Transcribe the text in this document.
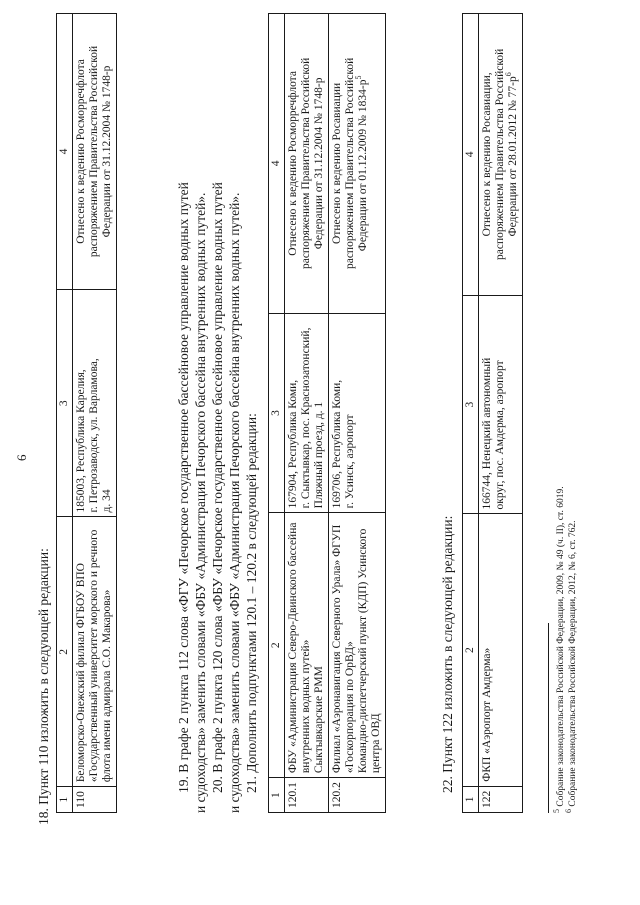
6
18. Пункт 110 изложить в следующей редакции: 1	2	3	4
110	Беломорско-Онежский филиал ФГБОУ ВПО «Государственный университет морского и речного флота имени адмирала С.О. Макарова»	185003, Республика Карелия, г. Петрозаводск, ул. Варламова, д. 34	Отнесено к ведению Росморречфлота распоряжением Правительства Российской Федерации от 31.12.2004 № 1748-р
19. В графе 2 пункта 112 слова «ФГУ «Печорское государственное бассейновое управление водных путей и судоходства» заменить словами «ФБУ «Администрация Печорского бассейна внутренних водных путей». 20. В графе 2 пункта 120 слова «ФБУ «Печорское государственное бассейновое управление водных путей и судоходства» заменить словами «ФБУ «Администрация Печорского бассейна внутренних водных путей». 21. Дополнить подпунктами 120.1 – 120.2 в следующей редакции:
1	2	3	4
120.1	ФБУ «Администрация Северо-Двинского бассейна внутренних водных путей» Сыктывкарские РММ	167904, Республика Коми, г. Сыктывкар, пос. Краснозатонский, Пляжный проезд, д. 1	Отнесено к ведению Росморречфлота распоряжением Правительства Российской Федерации от 31.12.2004 № 1748-р

120.2	Филиал «Аэронавигация Северного Урала» ФГУП «Госкорпорация по ОрВД» Командно-диспетчерский пункт (КДП) Усинского центра ОВД	169706, Республика Коми, г. Усинск, аэропорт	Отнесено к ведению Росавиации распоряжением Правительства Российской Федерации от 01.12.2009 № $1834-р^5$
22. Пункт 122 изложить в следующей редакции:
1	2	3	4
122	ФКП «Аэропорт Амдерма»	166744, Ненецкий автономный округ, пос. Амдерма, аэропорт	Отнесено к ведению Росавиации, распоряжением Правительства Российской Федерации от 28.01.2012 № $77-р^6$
$^5$ Собрание законодательства Российской Федерации, 2009, № 49 (ч. II), ст. 6019.
$^6$ Собрание законодательства Российской Федерации, 2012, № 6, ст. 762.
